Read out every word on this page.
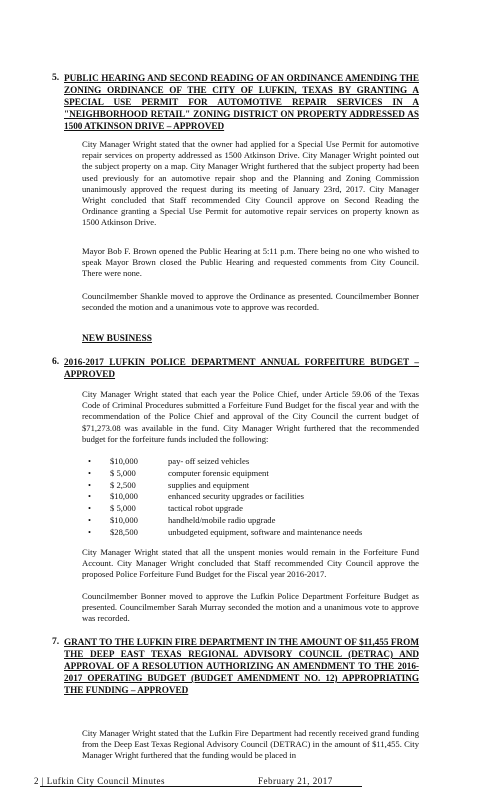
5. PUBLIC HEARING AND SECOND READING OF AN ORDINANCE AMENDING THE ZONING ORDINANCE OF THE CITY OF LUFKIN, TEXAS BY GRANTING A SPECIAL USE PERMIT FOR AUTOMOTIVE REPAIR SERVICES IN A "NEIGHBORHOOD RETAIL" ZONING DISTRICT ON PROPERTY ADDRESSED AS 1500 ATKINSON DRIVE – APPROVED

City Manager Wright stated that the owner had applied for a Special Use Permit for automotive repair services on property addressed as 1500 Atkinson Drive. City Manager Wright pointed out the subject property on a map. City Manager Wright furthered that the subject property had been used previously for an automotive repair shop and the Planning and Zoning Commission unanimously approved the request during its meeting of January 23rd, 2017. City Manager Wright concluded that Staff recommended City Council approve on Second Reading the Ordinance granting a Special Use Permit for automotive repair services on property known as 1500 Atkinson Drive.

Mayor Bob F. Brown opened the Public Hearing at 5:11 p.m. There being no one who wished to speak Mayor Brown closed the Public Hearing and requested comments from City Council. There were none.

Councilmember Shankle moved to approve the Ordinance as presented. Councilmember Bonner seconded the motion and a unanimous vote to approve was recorded.

NEW BUSINESS
6. 2016-2017 LUFKIN POLICE DEPARTMENT ANNUAL FORFEITURE BUDGET – APPROVED

City Manager Wright stated that each year the Police Chief, under Article 59.06 of the Texas Code of Criminal Procedures submitted a Forfeiture Fund Budget for the fiscal year and with the recommendation of the Police Chief and approval of the City Council the current budget of $71,273.08 was available in the fund. City Manager Wright furthered that the recommended budget for the forfeiture funds included the following:

• $10,000	pay- off seized vehicles
• $ 5,000	computer forensic equipment
• $ 2,500	supplies and equipment
• $10,000	enhanced security upgrades or facilities
• $ 5,000	tactical robot upgrade
• $10,000	handheld/mobile radio upgrade
• $28,500	unbudgeted equipment, software and maintenance needs

City Manager Wright stated that all the unspent monies would remain in the Forfeiture Fund Account. City Manager Wright concluded that Staff recommended City Council approve the proposed Police Forfeiture Fund Budget for the Fiscal year 2016-2017.

Councilmember Bonner moved to approve the Lufkin Police Department Forfeiture Budget as presented. Councilmember Sarah Murray seconded the motion and a unanimous vote to approve was recorded.

7. GRANT TO THE LUFKIN FIRE DEPARTMENT IN THE AMOUNT OF $11,455 FROM THE DEEP EAST TEXAS REGIONAL ADVISORY COUNCIL (DETRAC) AND APPROVAL OF A RESOLUTION AUTHORIZING AN AMENDMENT TO THE 2016-2017 OPERATING BUDGET (BUDGET AMENDMENT NO. 12) APPROPRIATING THE FUNDING – APPROVED

City Manager Wright stated that the Lufkin Fire Department had recently received grand funding from the Deep East Texas Regional Advisory Council (DETRAC) in the amount of $11,455. City Manager Wright furthered that the funding would be placed in

2 | Lufkin City Council Minutes	February 21, 2017
